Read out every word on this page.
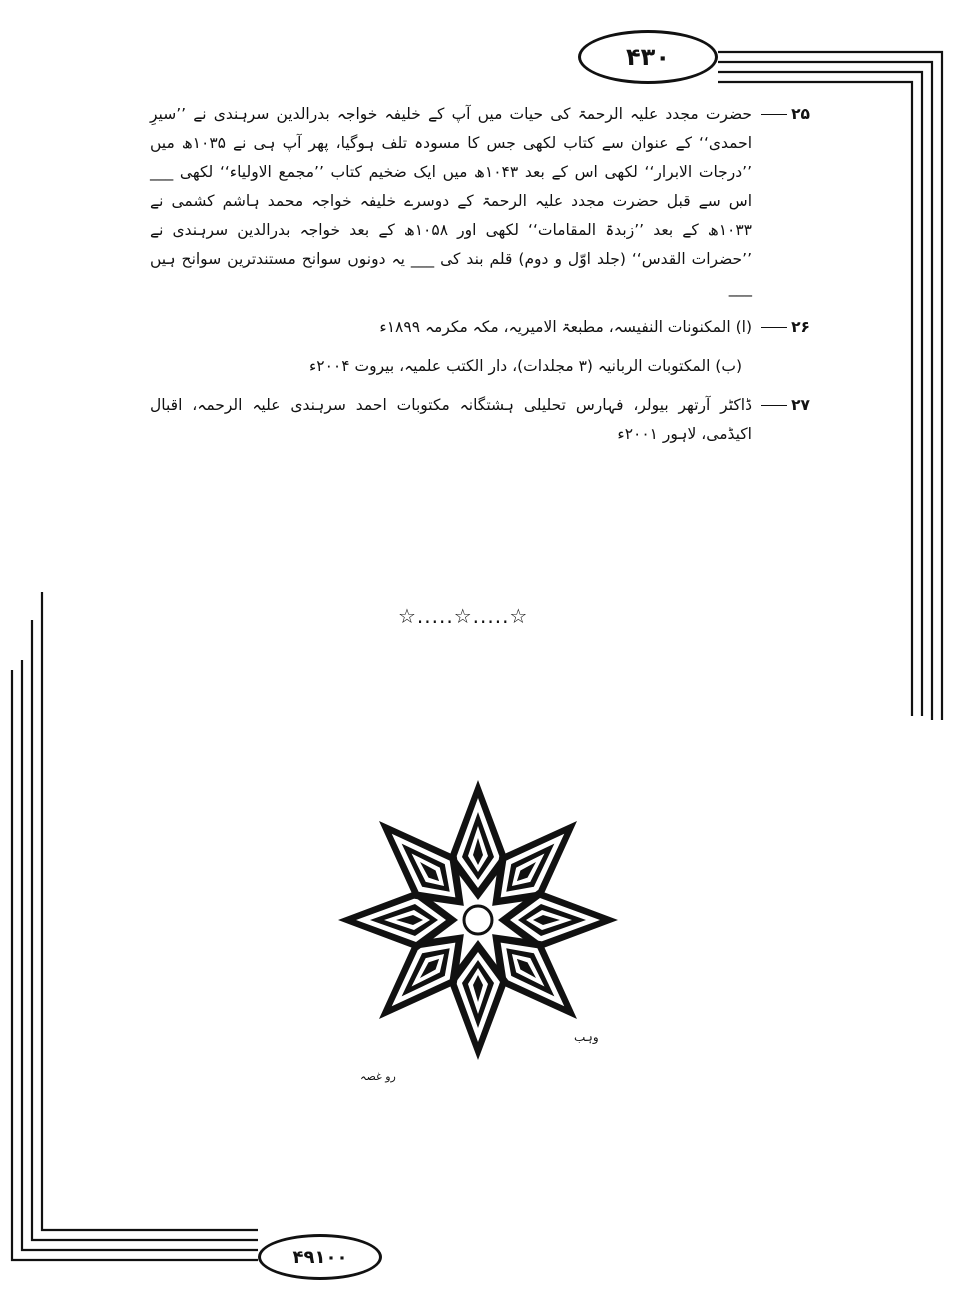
۴۳۰
۲۵
حضرت مجدد علیہ الرحمۃ کی حیات میں آپ کے خلیفہ خواجہ بدرالدین سرہندی نے ’’سیرِ احمدی‘‘ کے عنوان سے کتاب لکھی جس کا مسودہ تلف ہوگیا، پھر آپ ہی نے ۱۰۳۵ھ میں ’’درجات الابرار‘‘ لکھی اس کے بعد ۱۰۴۳ھ میں ایک ضخیم کتاب ’’مجمع الاولیاء‘‘ لکھی ___ اس سے قبل حضرت مجدد علیہ الرحمۃ کے دوسرے خلیفہ خواجہ محمد ہاشم کشمی نے ۱۰۳۳ھ کے بعد ’’زبدۃ المقامات‘‘ لکھی اور ۱۰۵۸ھ کے بعد خواجہ بدرالدین سرہندی نے ’’حضرات القدس‘‘ (جلد اوّل و دوم) قلم بند کی ___ یہ دونوں سوانح مستندترین سوانح ہیں ___
۲۶
(ا) المکنونات النفیسہ، مطبعۃ الامیریہ، مکہ مکرمہ ۱۸۹۹ء
(ب) المکتوبات الربانیہ (۳ مجلدات)، دار الکتب علمیہ، بیروت ۲۰۰۴ء
۲۷
ڈاکٹر آرتھر بیولر، فہارس تحلیلی ہشتگانہ مکتوبات احمد سرہندی علیہ الرحمہ، اقبال اکیڈمی، لاہور ۲۰۰۱ء
☆.....☆.....☆
وہب
رو غصہ
۴۹۱۰۰
